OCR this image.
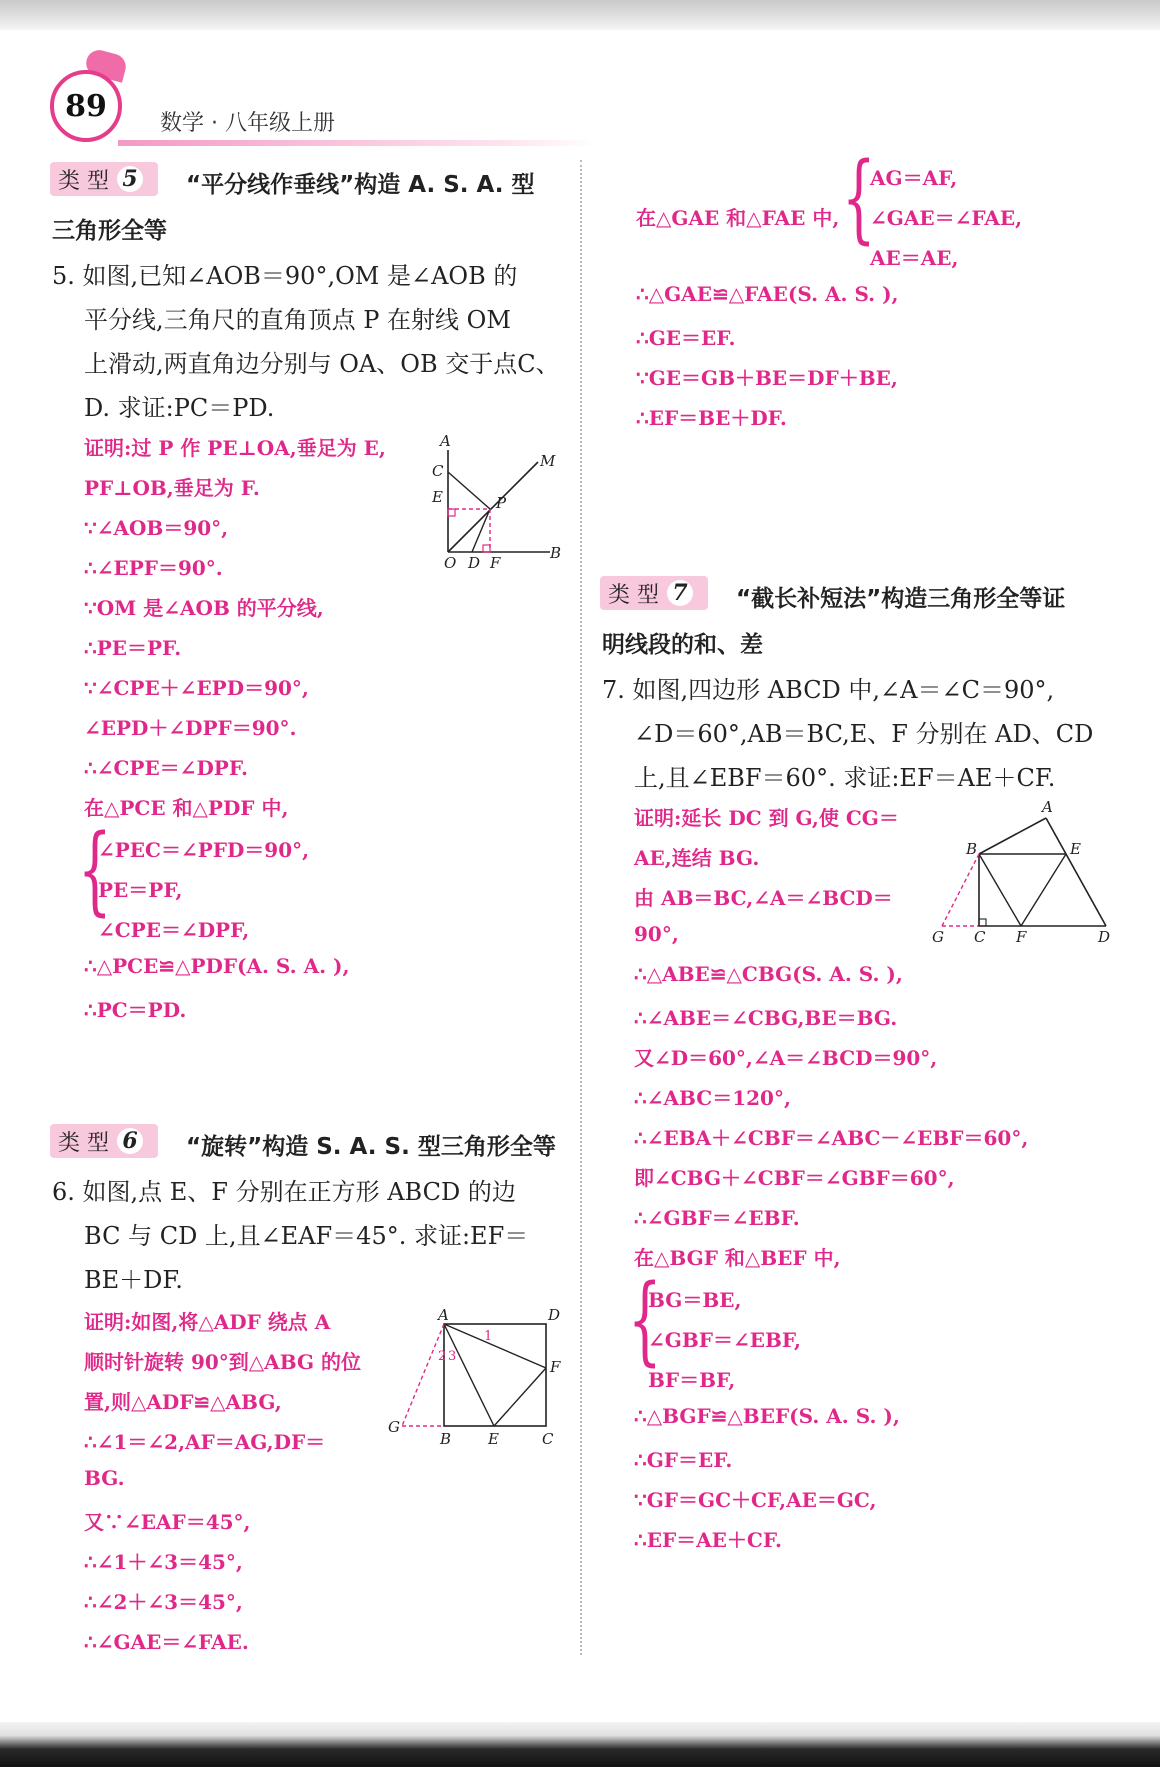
89	数学 · 八年级上册
类 型 5 “平分线作垂线”构造 A. S. A. 型
三角形全等
5. 如图,已知∠AOB＝90°,OM 是∠AOB 的
平分线,三角尺的直角顶点 P 在射线 OM
上滑动,两直角边分别与 OA、OB 交于点C、
D. 求证:PC＝PD.
证明:过 P 作 PE⊥OA,垂足为 E,
PF⊥OB,垂足为 F.
∵∠AOB＝90°,
∴∠EPF＝90°.
∵OM 是∠AOB 的平分线,
∴PE＝PF.
∵∠CPE＋∠EPD＝90°,
∠EPD＋∠DPF＝90°.
∴∠CPE＝∠DPF.
在△PCE 和△PDF 中,
{
∠PEC＝∠PFD＝90°,
PE＝PF,
∠CPE＝∠DPF,
∴△PCE≌△PDF(A. S. A. ),
∴PC＝PD.
A
M
C
E	P
O D F
B
类 型 6 “旋转”构造 S. A. S. 型三角形全等
6. 如图,点 E、F 分别在正方形 ABCD 的边
BC 与 CD 上,且∠EAF＝45°. 求证:EF＝
BE＋DF.
证明:如图,将△ADF 绕点 A
顺时针旋转 90°到△ABG 的位
置,则△ADF≌△ABG,
∴∠1＝∠2,AF＝AG,DF＝
BG.
又∵∠EAF＝45°,
∴∠1＋∠3＝45°,
∴∠2＋∠3＝45°,
∴∠GAE＝∠FAE.
A	D
F
G
B E	C
1
2 3
在△GAE 和△FAE 中, {
AG＝AF,
∠GAE＝∠FAE,
AE＝AE,
∴△GAE≌△FAE(S. A. S. ),
∴GE＝EF.
∵GE＝GB＋BE＝DF＋BE,
∴EF＝BE＋DF.
类 型 7 “截长补短法”构造三角形全等证
明线段的和、差
7. 如图,四边形 ABCD 中,∠A＝∠C＝90°,
∠D＝60°,AB＝BC,E、F 分别在 AD、CD
上,且∠EBF＝60°. 求证:EF＝AE＋CF.
证明:延长 DC 到 G,使 CG＝
AE,连结 BG.
由 AB＝BC,∠A＝∠BCD＝
90°,
∴△ABE≌△CBG(S. A. S. ),
∴∠ABE＝∠CBG,BE＝BG.
又∠D＝60°,∠A＝∠BCD＝90°,
∴∠ABC＝120°,
∴∠EBA＋∠CBF＝∠ABC－∠EBF＝60°,
即∠CBG＋∠CBF＝∠GBF＝60°,
∴∠GBF＝∠EBF.
在△BGF 和△BEF 中,
{
BG＝BE,
∠GBF＝∠EBF,
BF＝BF,
∴△BGF≌△BEF(S. A. S. ),
∴GF＝EF.
∵GF＝GC＋CF,AE＝GC,
∴EF＝AE＋CF.
A
B	E
G C F	D
